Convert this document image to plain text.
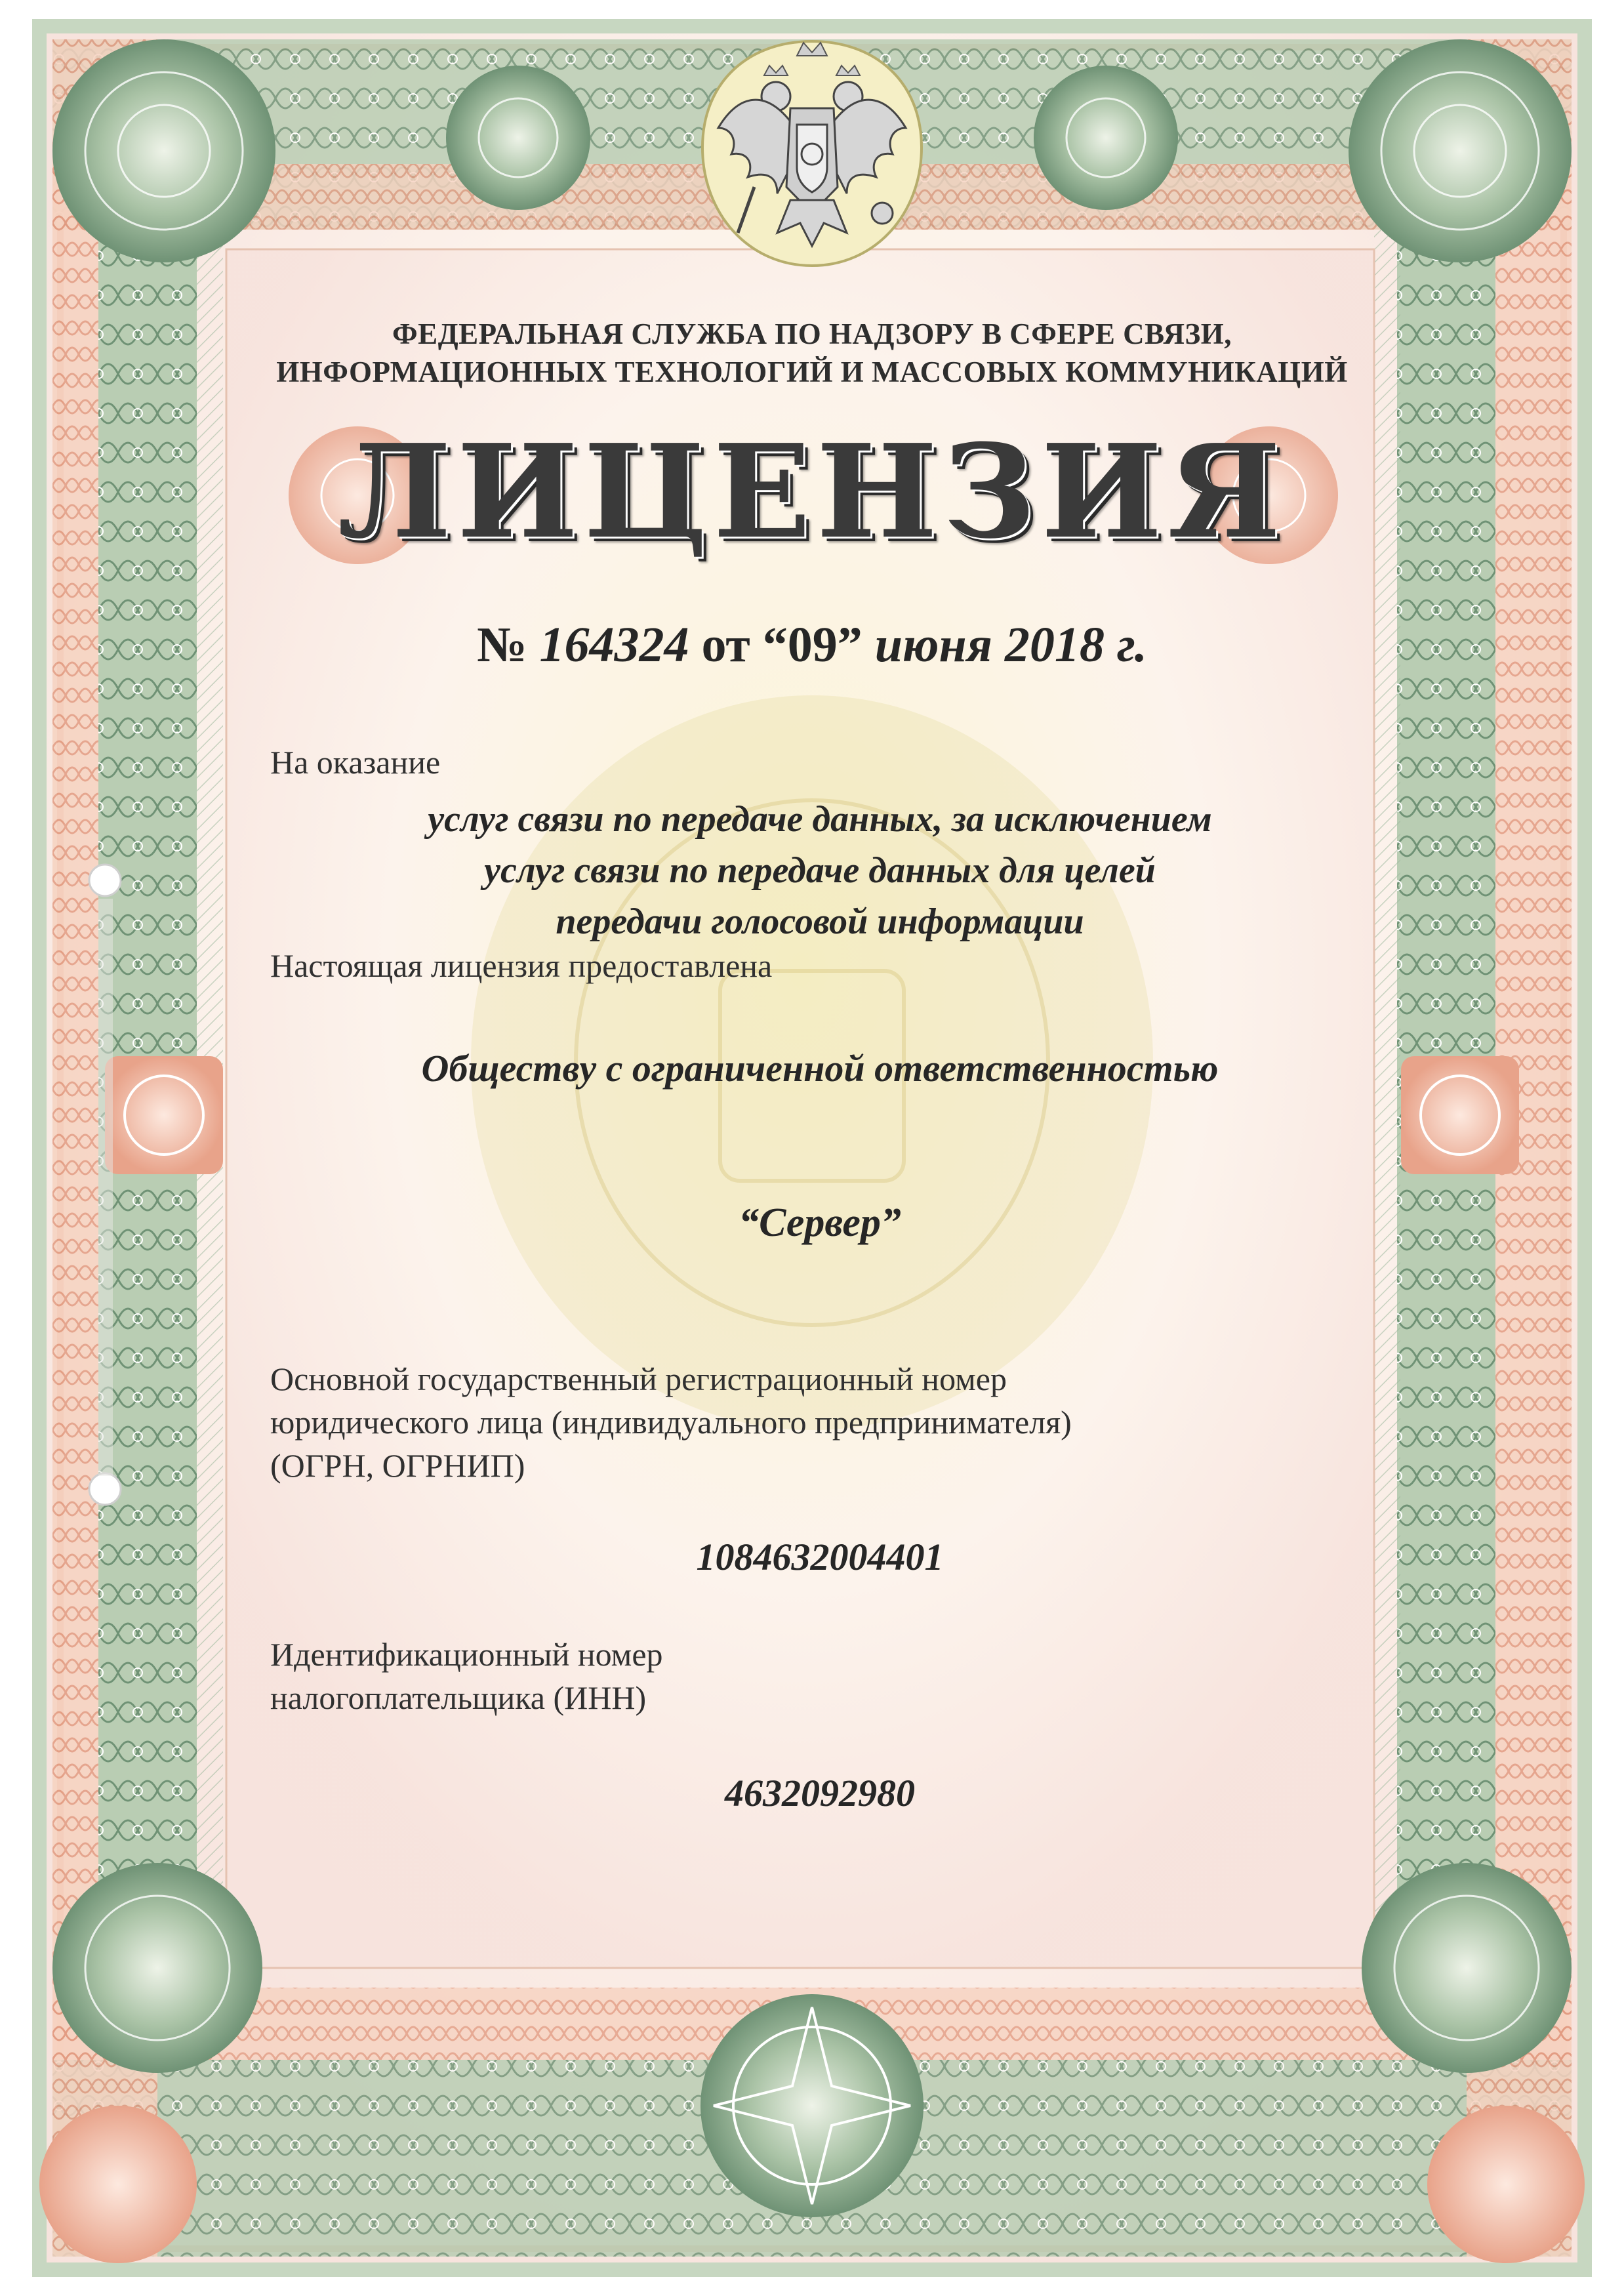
ФЕДЕРАЛЬНАЯ СЛУЖБА ПО НАДЗОРУ В СФЕРЕ СВЯЗИ,
ИНФОРМАЦИОННЫХ ТЕХНОЛОГИЙ И МАССОВЫХ КОММУНИКАЦИЙ
ЛИЦЕНЗИЯ
№ 164324 от “09” июня 2018 г.
На оказание
услуг связи по передаче данных, за исключением
услуг связи по передаче данных для целей
передачи голосовой информации
Настоящая лицензия предоставлена
Обществу с ограниченной ответственностью
“Сервер”
Основной государственный регистрационный номер
юридического лица (индивидуального предпринимателя)
(ОГРН, ОГРНИП)
1084632004401
Идентификационный номер
налогоплательщика (ИНН)
4632092980
